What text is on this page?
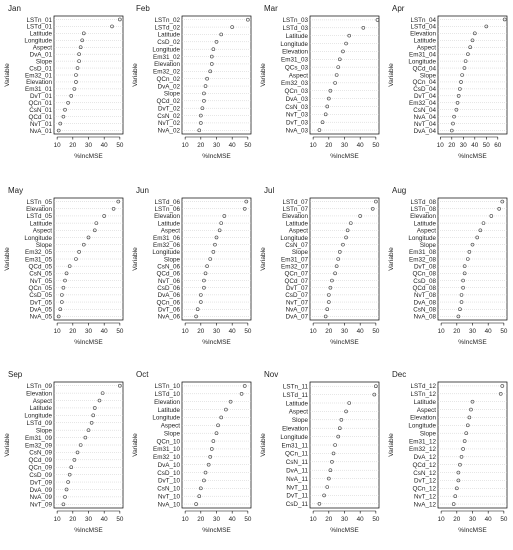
Jan
LSTn_01
LSTd_01
Latitude
Longitude
Aspect
DvA_01
Slope
CsD_01
Em32_01
Elevation
Em31_01
DvT_01
QCn_01
CsN_01
QCd_01
NvT_01
NvA_01
10 20 30 40 50
%IncMSE
Variable
Feb
LSTn_02
LSTd_02
Latitude
CsD_02
Longitude
Em31_02
Elevation
Em32_02
QCn_02
DvA_02
Slope
QCd_02
DvT_02
CsN_02
NvT_02
NvA_02
10 20 30 40 50
%IncMSE
Variable
Mar
LSTn_03
LSTd_03
Latitude
Longitude
Elevation
Em31_03
QCs_03
Aspect
Em32_03
QCn_03
DvA_03
CsN_03
NvT_03
DvT_03
NvA_03
10 20 30 40 50
%IncMSE
Variable
Apr
LSTn_04
LSTd_04
Elevation
Latitude
Aspect
Em31_04
Longitude
QCd_04
Slope
QCn_04
CsD_04
DvT_04
Em32_04
CsN_04
NvA_04
NvT_04
DvA_04
10 20 30 40 50 60
%IncMSE
Variable
May
LSTn_05
Elevation
LSTd_05
Latitude
Aspect
Longitude
Slope
Em32_05
Em31_05
QCd_05
CsN_05
NvT_05
QCn_05
CsD_05
DvT_05
DvA_05
NvA_05
10 20 30 40 50
%IncMSE
Variable
Jun
LSTd_06
LSTn_06
Elevation
Latitude
Aspect
Em31_06
Em32_06
Longitude
Slope
CsN_06
QCd_06
NvT_06
CsD_06
DvA_06
QCn_06
DvT_06
NvA_06
10 20 30 40 50
%IncMSE
Variable
Jul
LSTd_07
LSTn_07
Elevation
Latitude
Aspect
Longitude
CsN_07
Slope
Em31_07
Em32_07
QCn_07
QCd_07
DvT_07
CsD_07
NvT_07
NvA_07
DvA_07
10 20 30 40 50
%IncMSE
Variable
Aug
LSTd_08
LSTn_08
Elevation
Latitude
Aspect
Longitude
Slope
Em31_08
Em32_08
DvT_08
QCn_08
CsD_08
QCd_08
NvT_08
DvA_08
CsN_08
NvA_08
10 20 30 40 50
%IncMSE
Variable
Sep
LSTn_09
Elevation
Aspect
Latitude
Longitude
LSTd_09
Slope
Em31_09
Em32_09
CsN_09
QCd_09
QCn_09
CsD_09
DvT_09
DvA_09
NvA_09
NvT_09
10 20 30 40 50
%IncMSE
Variable
Oct
LSTn_10
LSTd_10
Elevation
Latitude
Longitude
Aspect
Slope
QCn_10
Em31_10
Em32_10
DvA_10
CsD_10
DvT_10
CsN_10
NvT_10
NvA_10
10 20 30 40 50
%IncMSE
Variable
Nov
LSTn_11
LSTd_11
Latitude
Aspect
Slope
Elevation
Longitude
Em31_11
QCn_11
CsN_11
DvA_11
NvA_11
NvT_11
DvT_11
CsD_11
10 20 30 40 50
%IncMSE
Variable
Dec
LSTd_12
LSTn_12
Latitude
Aspect
Elevation
Longitude
Slope
Em31_12
Em32_12
DvA_12
QCd_12
CsN_12
DvT_12
QCn_12
NvT_12
NvA_12
10 20 30 40 50
%IncMSE
Variable
